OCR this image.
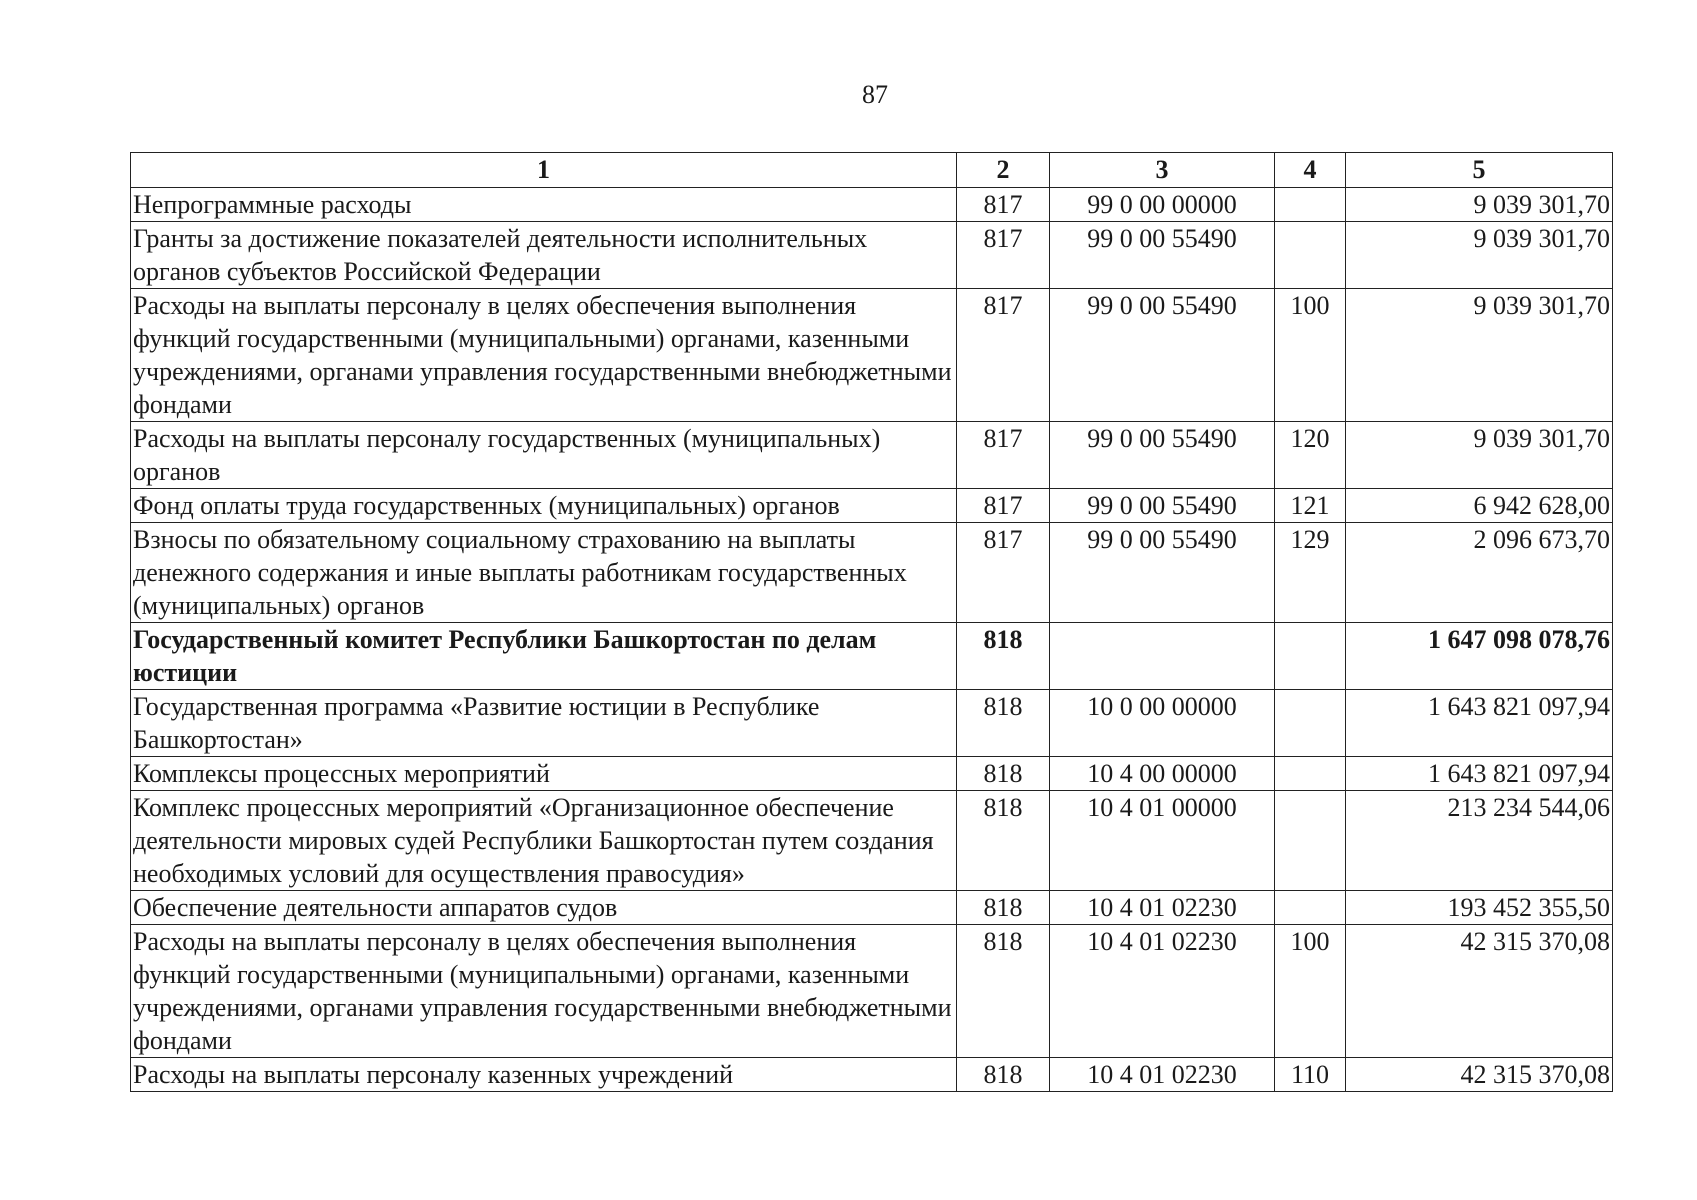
87
1	2	3	4	5
Непрограммные расходы	817	99 0 00 00000		9 039 301,70
Гранты за достижение показателей деятельности исполнительных органов субъектов Российской Федерации	817	99 0 00 55490		9 039 301,70
Расходы на выплаты персоналу в целях обеспечения выполнения функций государственными (муниципальными) органами, казенными учреждениями, органами управления государственными внебюджетными фондами	817	99 0 00 55490	100	9 039 301,70
Расходы на выплаты персоналу государственных (муниципальных) органов	817	99 0 00 55490	120	9 039 301,70
Фонд оплаты труда государственных (муниципальных) органов	817	99 0 00 55490	121	6 942 628,00
Взносы по обязательному социальному страхованию на выплаты денежного содержания и иные выплаты работникам государственных (муниципальных) органов	817	99 0 00 55490	129	2 096 673,70
Государственный комитет Республики Башкортостан по делам юстиции	818			1 647 098 078,76
Государственная программа «Развитие юстиции в Республике Башкортостан»	818	10 0 00 00000		1 643 821 097,94
Комплексы процессных мероприятий	818	10 4 00 00000		1 643 821 097,94
Комплекс процессных мероприятий «Организационное обеспечение деятельности мировых судей Республики Башкортостан путем создания необходимых условий для осуществления правосудия»	818	10 4 01 00000		213 234 544,06
Обеспечение деятельности аппаратов судов	818	10 4 01 02230		193 452 355,50
Расходы на выплаты персоналу в целях обеспечения выполнения функций государственными (муниципальными) органами, казенными учреждениями, органами управления государственными внебюджетными фондами	818	10 4 01 02230	100	42 315 370,08
Расходы на выплаты персоналу казенных учреждений	818	10 4 01 02230	110	42 315 370,08
